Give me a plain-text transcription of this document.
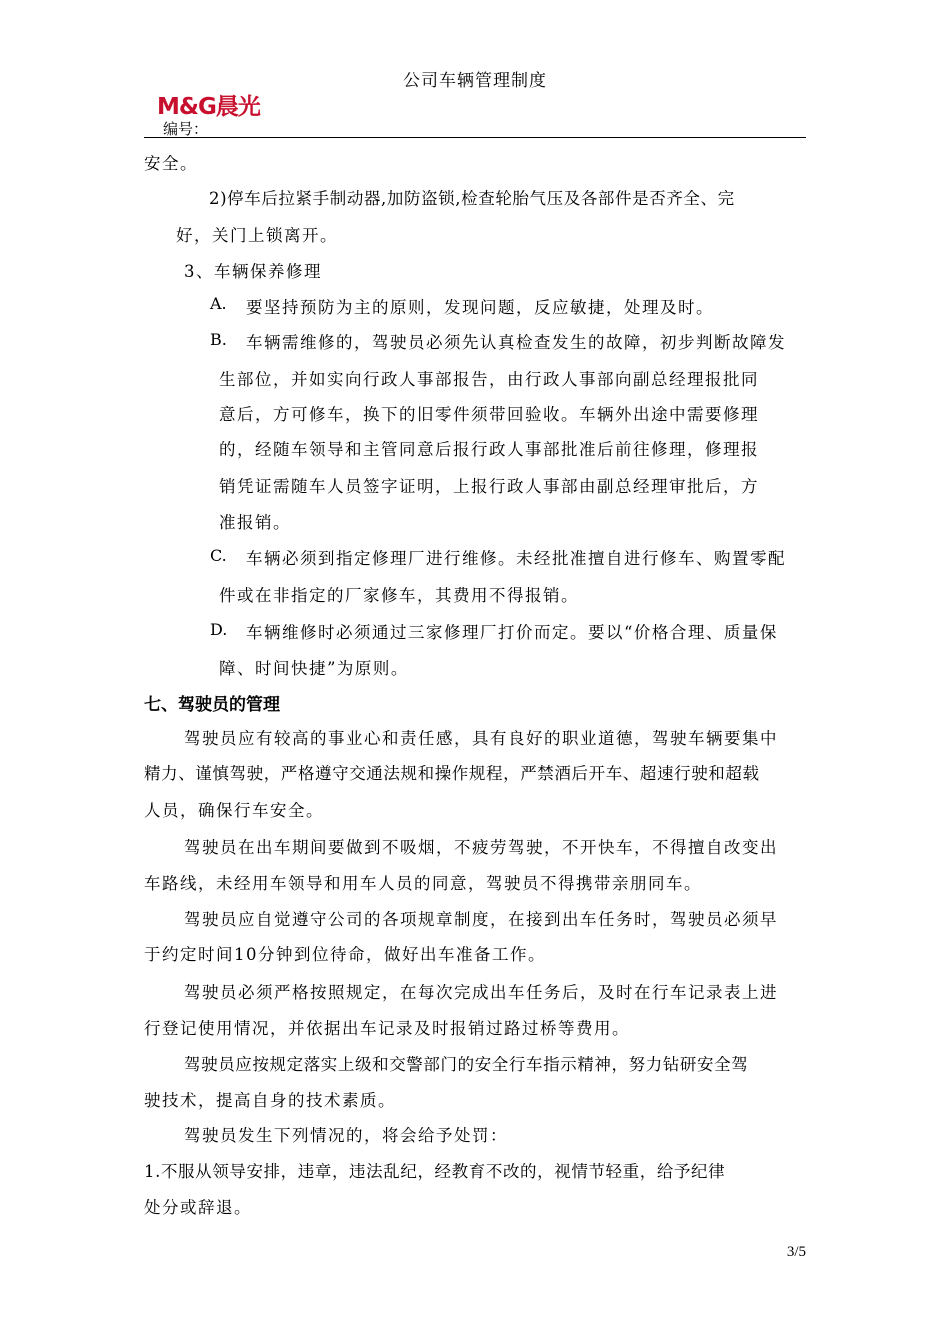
公司车辆管理制度
M&G晨光
编号：
安全。
2)停车后拉紧手制动器,加防盗锁,检查轮胎气压及各部件是否齐全、完
好，关门上锁离开。
3、车辆保养修理
A. 要坚持预防为主的原则，发现问题，反应敏捷，处理及时。
B. 车辆需维修的，驾驶员必须先认真检查发生的故障，初步判断故障发
生部位，并如实向行政人事部报告，由行政人事部向副总经理报批同
意后，方可修车，换下的旧零件须带回验收。车辆外出途中需要修理
的，经随车领导和主管同意后报行政人事部批准后前往修理，修理报
销凭证需随车人员签字证明，上报行政人事部由副总经理审批后，方
准报销。
C. 车辆必须到指定修理厂进行维修。未经批准擅自进行修车、购置零配
件或在非指定的厂家修车，其费用不得报销。
D. 车辆维修时必须通过三家修理厂打价而定。要以“价格合理、质量保
障、时间快捷”为原则。
七、驾驶员的管理
驾驶员应有较高的事业心和责任感，具有良好的职业道德，驾驶车辆要集中
精力、谨慎驾驶，严格遵守交通法规和操作规程，严禁酒后开车、超速行驶和超载
人员，确保行车安全。
驾驶员在出车期间要做到不吸烟，不疲劳驾驶，不开快车，不得擅自改变出
车路线，未经用车领导和用车人员的同意，驾驶员不得携带亲朋同车。
驾驶员应自觉遵守公司的各项规章制度，在接到出车任务时，驾驶员必须早
于约定时间10分钟到位待命，做好出车准备工作。
驾驶员必须严格按照规定，在每次完成出车任务后，及时在行车记录表上进
行登记使用情况，并依据出车记录及时报销过路过桥等费用。
驾驶员应按规定落实上级和交警部门的安全行车指示精神，努力钻研安全驾
驶技术，提高自身的技术素质。
驾驶员发生下列情况的，将会给予处罚：
1.不服从领导安排，违章，违法乱纪，经教育不改的，视情节轻重，给予纪律
处分或辞退。
3/5
